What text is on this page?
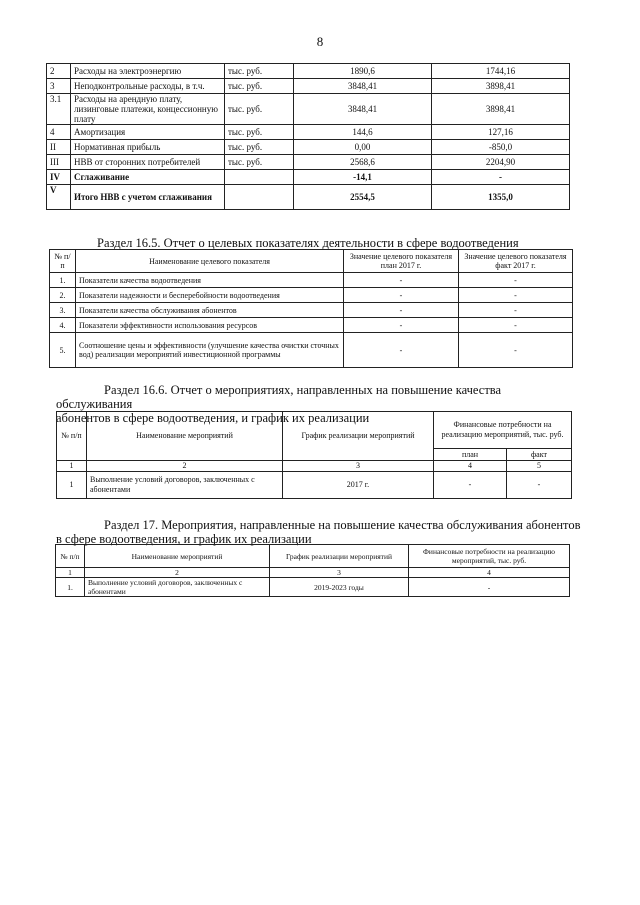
8
2	Расходы на электроэнергию	тыс. руб.	1890,6	1744,16
3	Неподконтрольные расходы, в т.ч.	тыс. руб.	3848,41	3898,41
3.1	Расходы на арендную плату, лизинговые платежи, концессионную плату	тыс. руб.	3848,41	3898,41
4	Амортизация	тыс. руб.	144,6	127,16
II	Нормативная прибыль	тыс. руб.	0,00	-850,0
III	НВВ от сторонних потребителей	тыс. руб.	2568,6	2204,90
IV	Сглаживание		-14,1	-
V	Итого НВВ с учетом сглаживания		2554,5	1355,0
Раздел 16.5. Отчет о целевых показателях деятельности в сфере водоотведения
№ п/п	Наименование целевого показателя	Значение целевого показателя план 2017 г.	Значение целевого показателя факт 2017 г.
1.	Показатели качества водоотведения	-	-
2.	Показатели надежности и бесперебойности водоотведения	-	-
3.	Показатели качества обслуживания абонентов	-	-
4.	Показатели эффективности использования ресурсов	-	-
5.	Соотношение цены и эффективности (улучшение качества очистки сточных вод) реализации мероприятий инвестиционной программы	-	-
Раздел 16.6. Отчет о мероприятиях, направленных на повышение качества обслуживания
абонентов в сфере водоотведения, и график их реализации
№ п/п	Наименование мероприятий	График реализации мероприятий	Финансовые потребности на реализацию мероприятий, тыс. руб.	
			план	факт
1	2	3	4	5
1	Выполнение условий договоров, заключенных с абонентами	2017 г.	-	-
Раздел 17. Мероприятия, направленные на повышение качества обслуживания абонентов
в сфере водоотведения, и график их реализации
№ п/п	Наименование мероприятий	График реализации мероприятий	Финансовые потребности на реализацию мероприятий, тыс. руб.
1	2	3	4
1.	Выполнение условий договоров, заключенных с абонентами	2019-2023 годы	-
